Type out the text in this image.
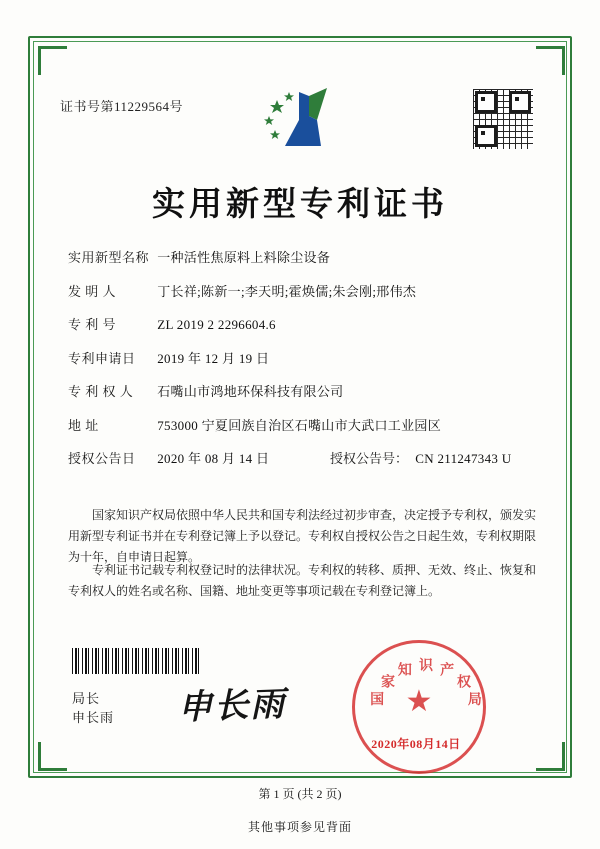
证书号第11229564号
实用新型专利证书
实用新型名称 一种活性焦原料上料除尘设备
发 明 人	丁长祥;陈新一;李天明;霍焕儒;朱会刚;邢伟杰
专 利 号	ZL 2019 2 2296604.6
专利申请日 2019 年 12 月 19 日
专 利 权 人 石嘴山市鸿地环保科技有限公司
地 址	753000 宁夏回族自治区石嘴山市大武口工业园区
授权公告日 2020 年 08 月 14 日	授权公告号： CN 211247343 U
国家知识产权局依照中华人民共和国专利法经过初步审查，决定授予专利权，颁发实用新型专利证书并在专利登记簿上予以登记。专利权自授权公告之日起生效，专利权期限为十年，自申请日起算。
专利证书记载专利权登记时的法律状况。专利权的转移、质押、无效、终止、恢复和专利权人的姓名或名称、国籍、地址变更等事项记载在专利登记簿上。
局长
申长雨 申长雨	★
国
家
知 识 产
权
局
2020年08月14日
第 1 页 (共 2 页)
其他事项参见背面
